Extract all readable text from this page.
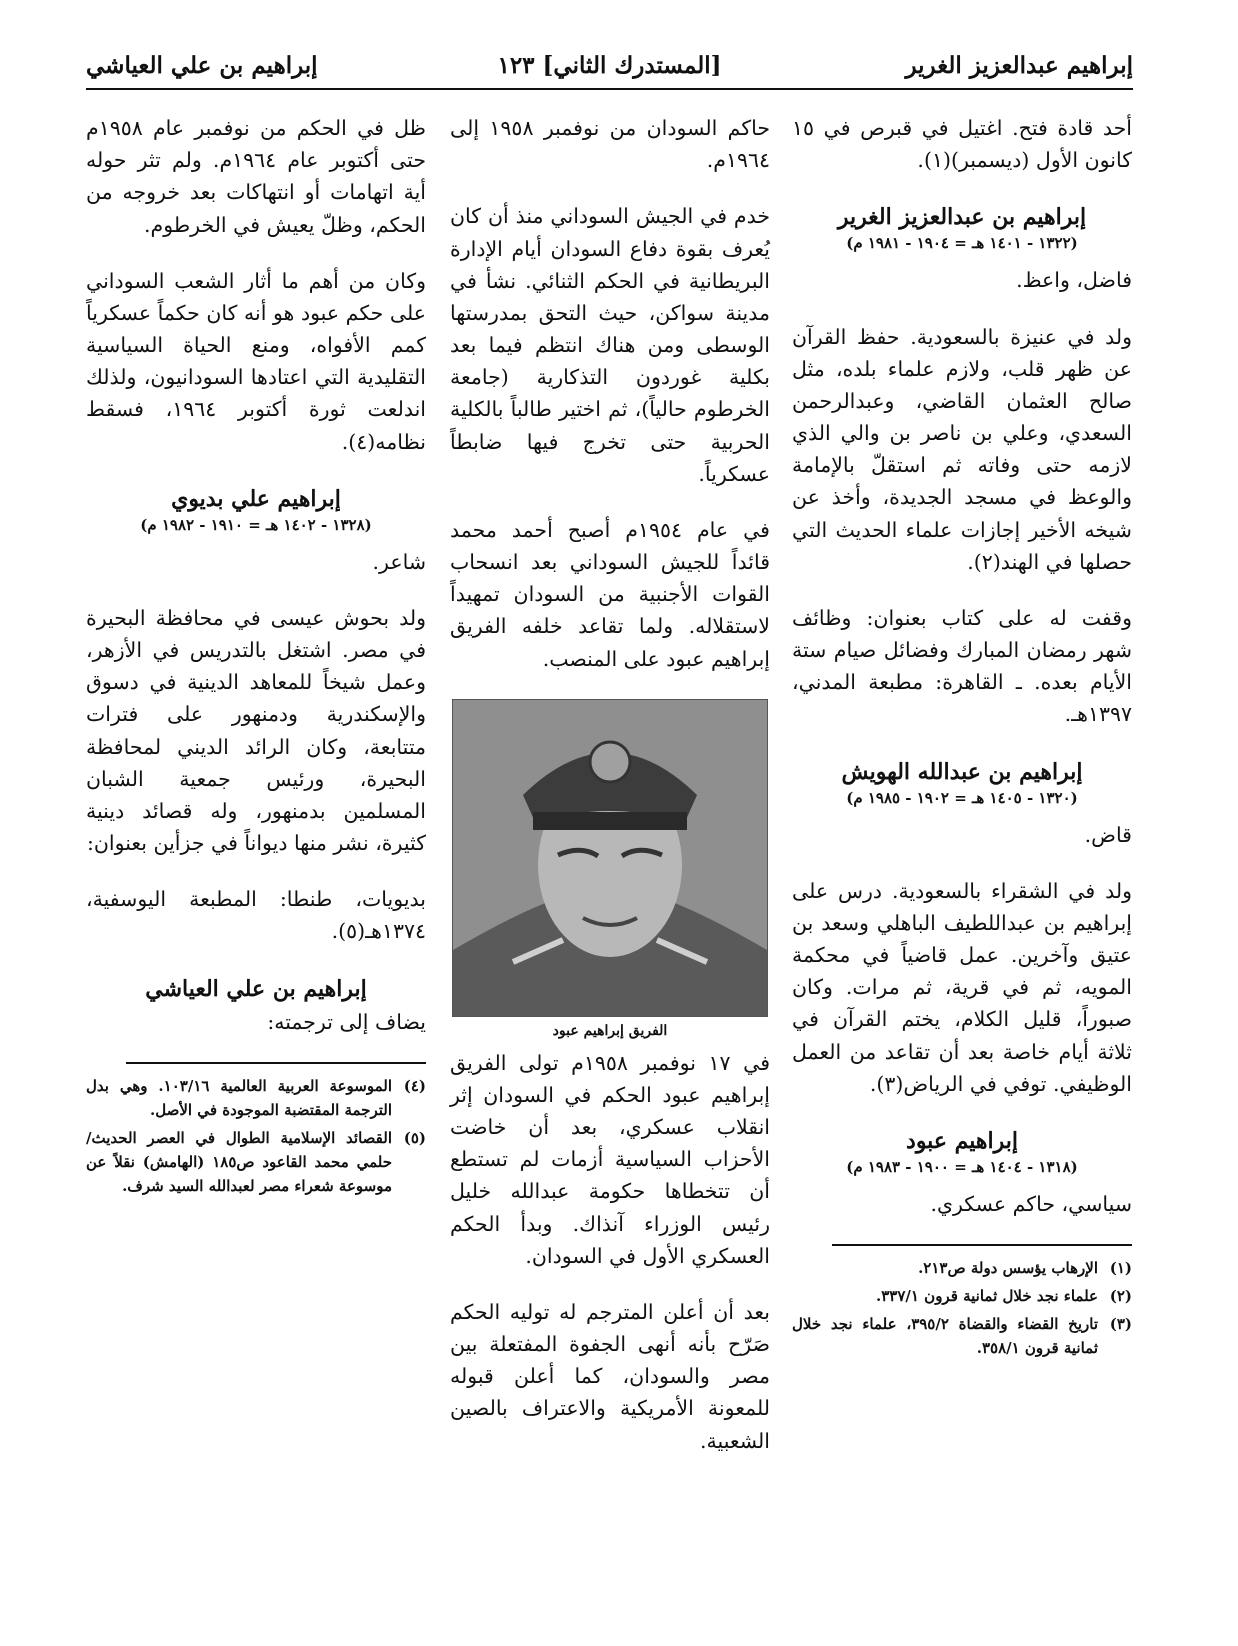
إبراهيم عبدالعزيز الغرير
[المستدرك الثاني] ١٢٣
إبراهيم بن علي العياشي

أحد قادة فتح. اغتيل في قبرص في ١٥ كانون الأول (ديسمبر)(١).

إبراهيم بن عبدالعزيز الغرير
(١٣٢٢ - ١٤٠١ هـ = ١٩٠٤ - ١٩٨١ م)

فاضل، واعظ.

ولد في عنيزة بالسعودية. حفظ القرآن عن ظهر قلب، ولازم علماء بلده، مثل صالح العثمان القاضي، وعبدالرحمن السعدي، وعلي بن ناصر بن والي الذي لازمه حتى وفاته ثم استقلّ بالإمامة والوعظ في مسجد الجديدة، وأخذ عن شيخه الأخير إجازات علماء الحديث التي حصلها في الهند(٢).

وقفت له على كتاب بعنوان: وظائف شهر رمضان المبارك وفضائل صيام ستة الأيام بعده. ـ القاهرة: مطبعة المدني، ١٣٩٧هـ.

إبراهيم بن عبدالله الهويش
(١٣٢٠ - ١٤٠٥ هـ = ١٩٠٢ - ١٩٨٥ م)

قاض.

ولد في الشقراء بالسعودية. درس على إبراهيم بن عبداللطيف الباهلي وسعد بن عتيق وآخرين. عمل قاضياً في محكمة المويه، ثم في قرية، ثم مرات. وكان صبوراً، قليل الكلام، يختم القرآن في ثلاثة أيام خاصة بعد أن تقاعد من العمل الوظيفي. توفي في الرياض(٣).

إبراهيم عبود
(١٣١٨ - ١٤٠٤ هـ = ١٩٠٠ - ١٩٨٣ م)

سياسي، حاكم عسكري.

(١)
الإرهاب يؤسس دولة ص٢١٣.
(٢)
علماء نجد خلال ثمانية قرون ٣٣٧/١.
(٣)
تاريخ القضاء والقضاة ٣٩٥/٢، علماء نجد خلال ثمانية قرون ٣٥٨/١.

حاكم السودان من نوفمبر ١٩٥٨ إلى ١٩٦٤م.

خدم في الجيش السوداني منذ أن كان يُعرف بقوة دفاع السودان أيام الإدارة البريطانية في الحكم الثنائي. نشأ في مدينة سواكن، حيث التحق بمدرستها الوسطى ومن هناك انتظم فيما بعد بكلية غوردون التذكارية (جامعة الخرطوم حالياً)، ثم اختير طالباً بالكلية الحربية حتى تخرج فيها ضابطاً عسكرياً.

في عام ١٩٥٤م أصبح أحمد محمد قائداً للجيش السوداني بعد انسحاب القوات الأجنبية من السودان تمهيداً لاستقلاله. ولما تقاعد خلفه الفريق إبراهيم عبود على المنصب.

الفريق إبراهيم عبود

في ١٧ نوفمبر ١٩٥٨م تولى الفريق إبراهيم عبود الحكم في السودان إثر انقلاب عسكري، بعد أن خاضت الأحزاب السياسية أزمات لم تستطع أن تتخطاها حكومة عبدالله خليل رئيس الوزراء آنذاك. وبدأ الحكم العسكري الأول في السودان.

بعد أن أعلن المترجم له توليه الحكم صَرّح بأنه أنهى الجفوة المفتعلة بين مصر والسودان، كما أعلن قبوله للمعونة الأمريكية والاعتراف بالصين الشعبية.

ظل في الحكم من نوفمبر عام ١٩٥٨م حتى أكتوبر عام ١٩٦٤م. ولم تثر حوله أية اتهامات أو انتهاكات بعد خروجه من الحكم، وظلّ يعيش في الخرطوم.

وكان من أهم ما أثار الشعب السوداني على حكم عبود هو أنه كان حكماً عسكرياً كمم الأفواه، ومنع الحياة السياسية التقليدية التي اعتادها السودانيون، ولذلك اندلعت ثورة أكتوبر ١٩٦٤، فسقط نظامه(٤).

إبراهيم علي بديوي
(١٣٢٨ - ١٤٠٢ هـ = ١٩١٠ - ١٩٨٢ م)

شاعر.

ولد بحوش عيسى في محافظة البحيرة في مصر. اشتغل بالتدريس في الأزهر، وعمل شيخاً للمعاهد الدينية في دسوق والإسكندرية ودمنهور على فترات متتابعة، وكان الرائد الديني لمحافظة البحيرة، ورئيس جمعية الشبان المسلمين بدمنهور، وله قصائد دينية كثيرة، نشر منها ديواناً في جزأين بعنوان:

بديويات، طنطا: المطبعة اليوسفية، ١٣٧٤هـ(٥).

إبراهيم بن علي العياشي

يضاف إلى ترجمته:

(٤)
الموسوعة العربية العالمية ١٠٣/١٦. وهي بدل الترجمة المقتضبة الموجودة في الأصل.
(٥)
القصائد الإسلامية الطوال في العصر الحديث/ حلمي محمد القاعود ص١٨٥ (الهامش) نقلاً عن موسوعة شعراء مصر لعبدالله السيد شرف.
